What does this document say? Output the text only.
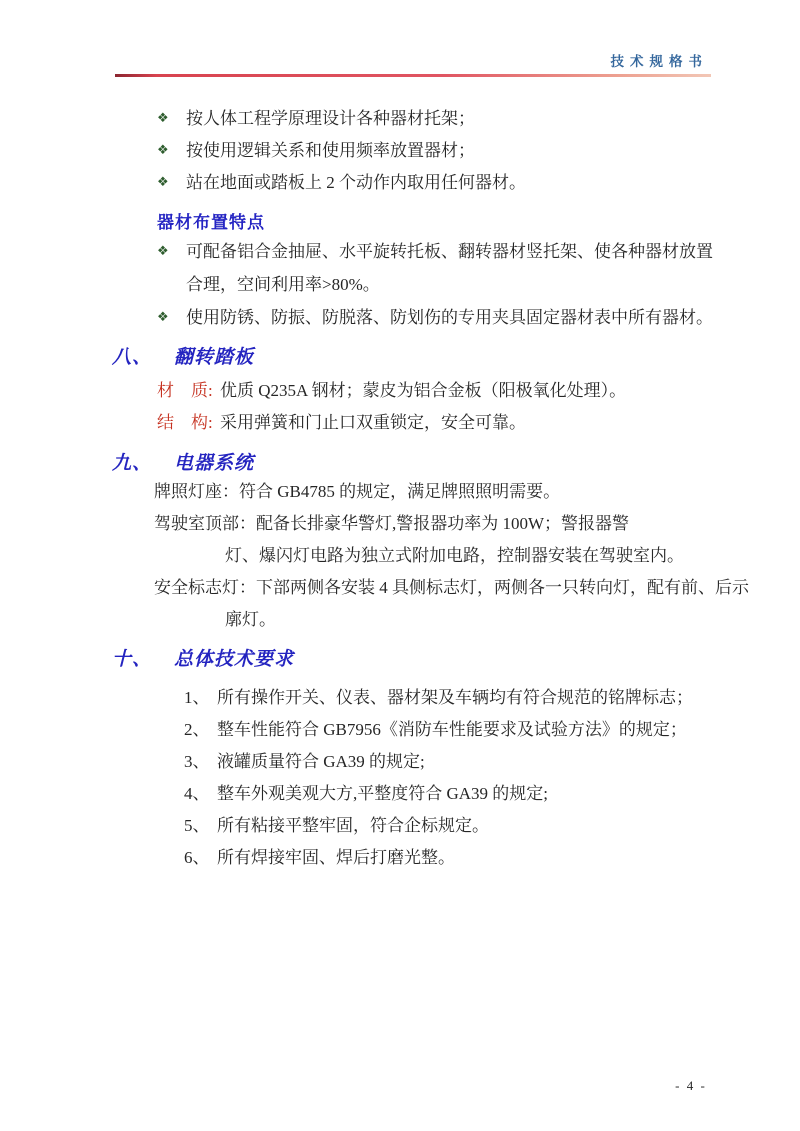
技术规格书
❖ 按人体工程学原理设计各种器材托架；
❖ 按使用逻辑关系和使用频率放置器材；
❖ 站在地面或踏板上 2 个动作内取用任何器材。
器材布置特点
❖ 可配备铝合金抽屉、水平旋转托板、翻转器材竖托架、使各种器材放置
合理，空间利用率>80%。
❖ 使用防锈、防振、防脱落、防划伤的专用夹具固定器材表中所有器材。
八、 翻转踏板
材　质: 优质 Q235A 钢材；蒙皮为铝合金板（阳极氧化处理）。
结　构: 采用弹簧和门止口双重锁定，安全可靠。
九、 电器系统
牌照灯座：符合 GB4785 的规定，满足牌照照明需要。
驾驶室顶部：配备长排豪华警灯,警报器功率为 100W；警报器警
灯、爆闪灯电路为独立式附加电路，控制器安装在驾驶室内。
安全标志灯：下部两侧各安装 4 具侧标志灯，两侧各一只转向灯，配有前、后示
廓灯。
十、 总体技术要求
1、 所有操作开关、仪表、器材架及车辆均有符合规范的铭牌标志；
2、 整车性能符合 GB7956《消防车性能要求及试验方法》的规定；
3、 液罐质量符合 GA39 的规定;
4、 整车外观美观大方,平整度符合 GA39 的规定;
5、 所有粘接平整牢固，符合企标规定。
6、 所有焊接牢固、焊后打磨光整。
- 4 -
